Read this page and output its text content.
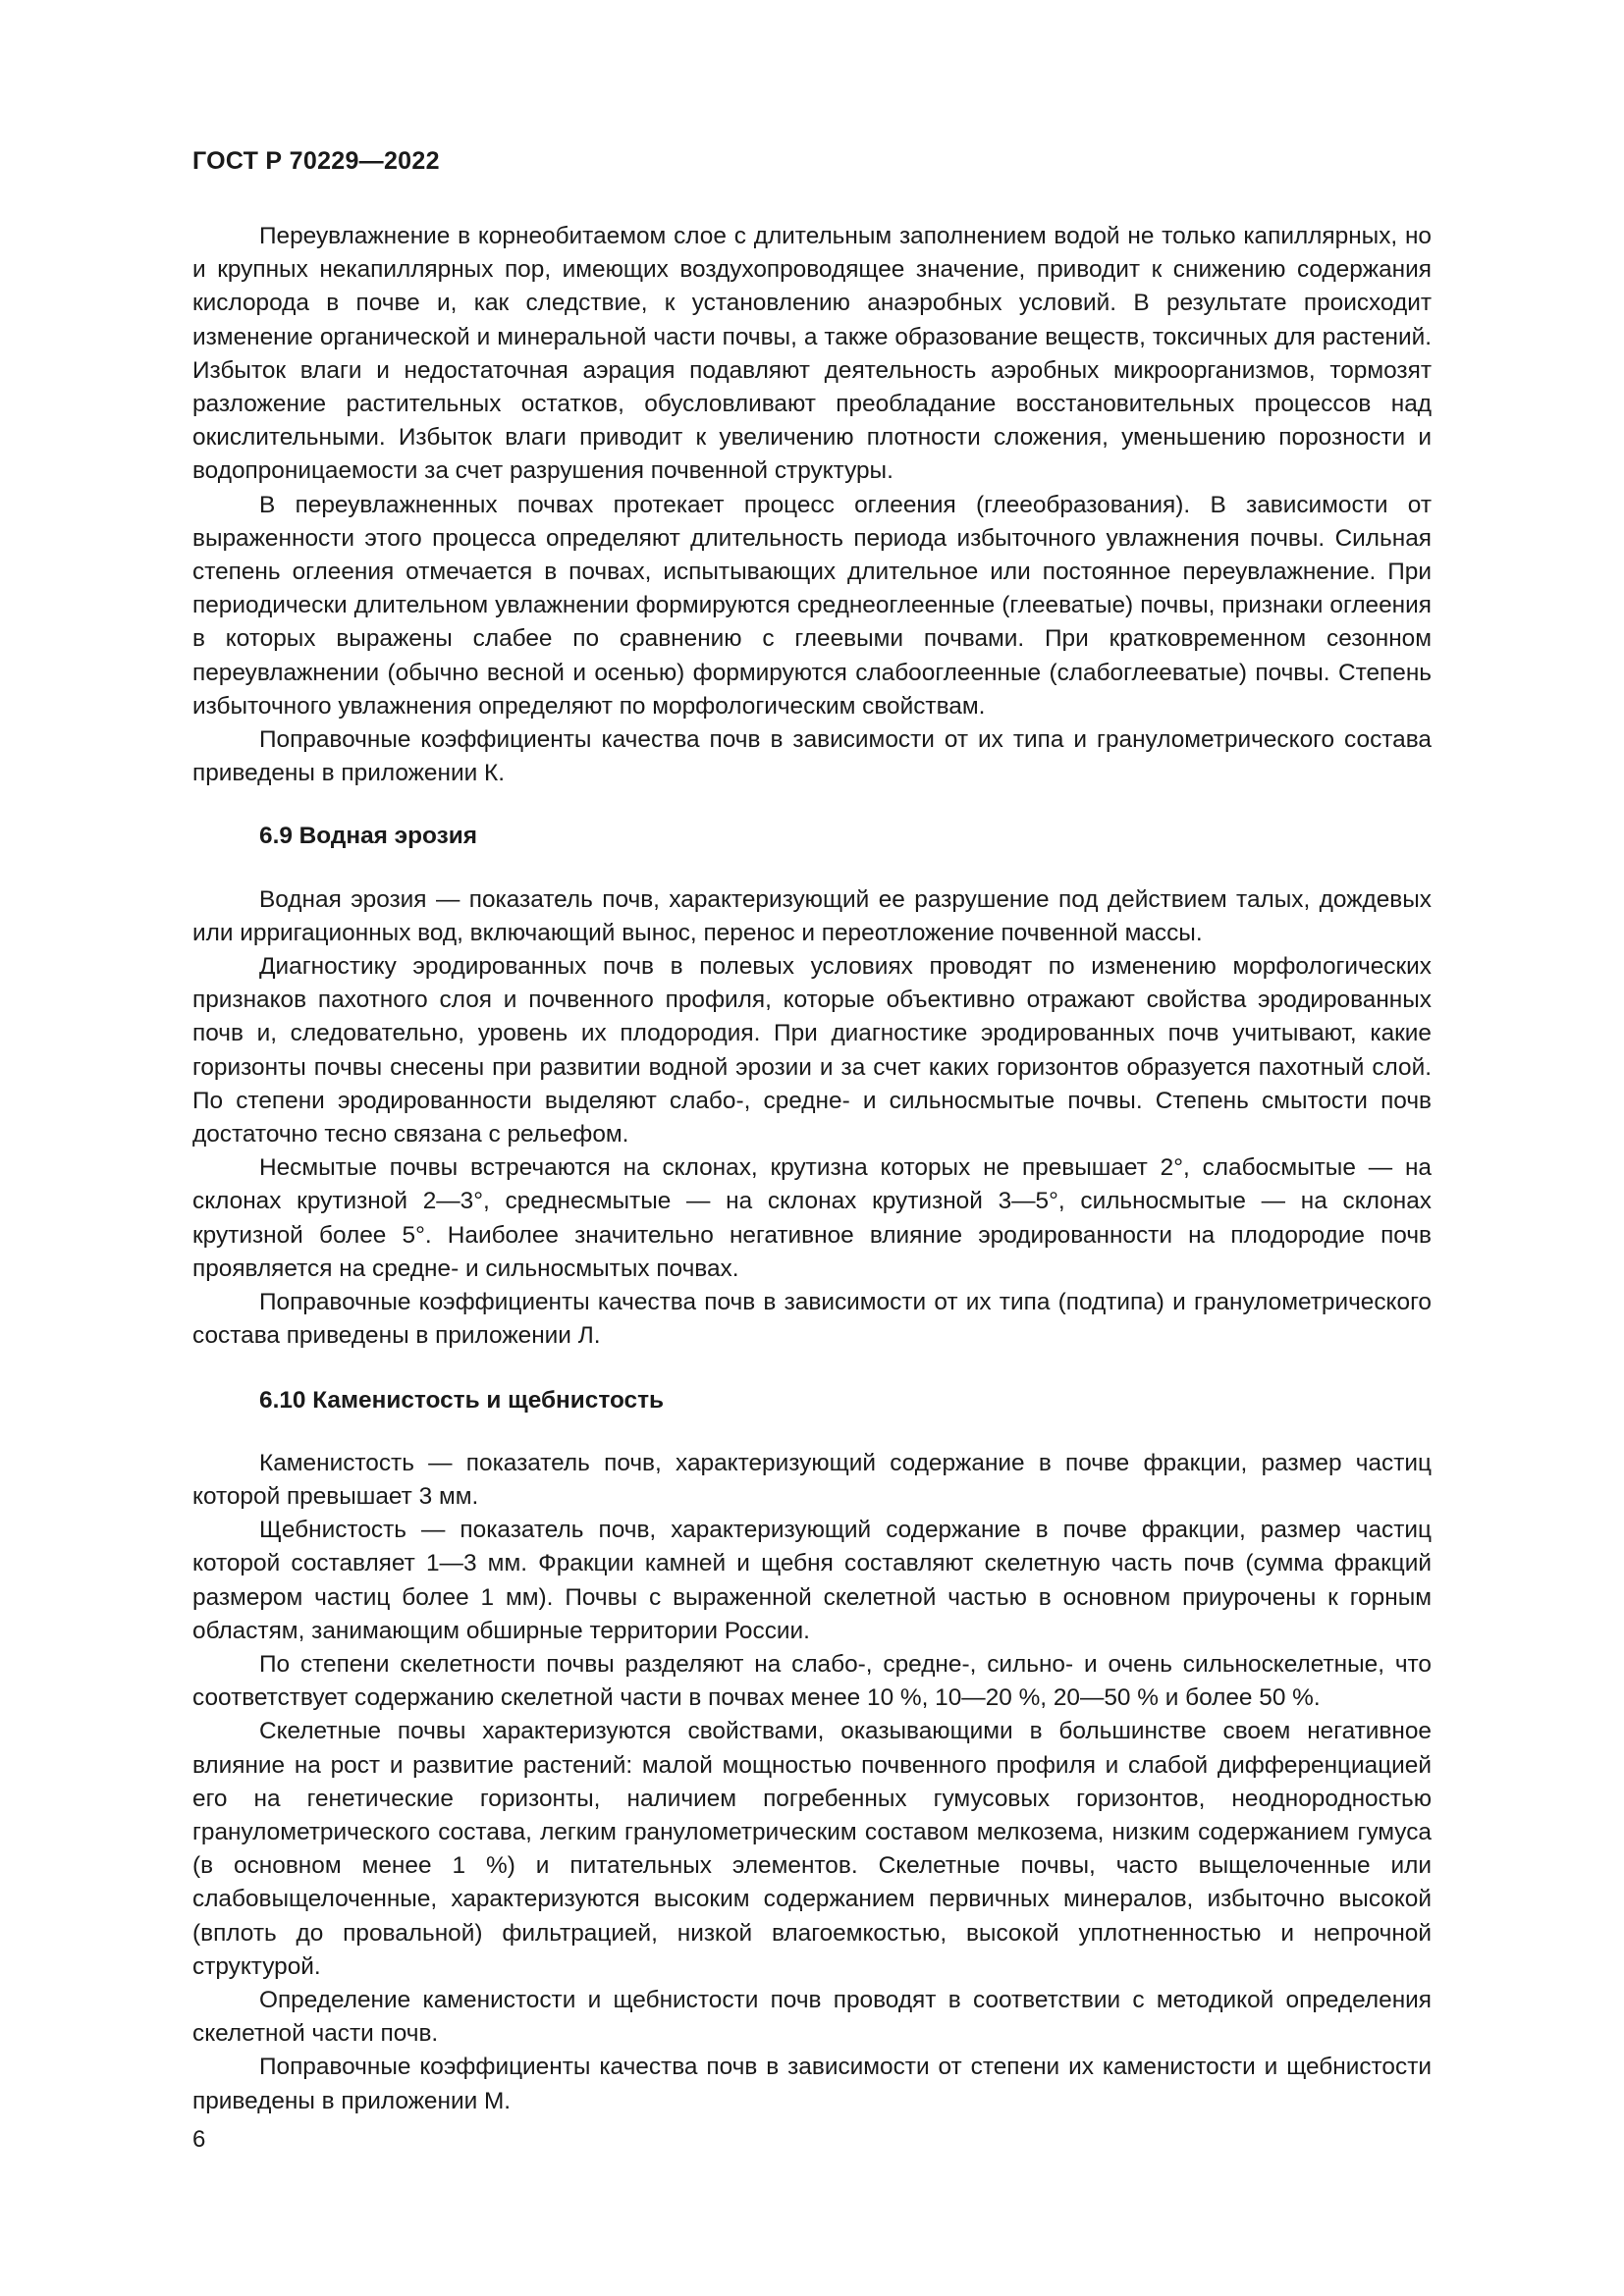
ГОСТ Р 70229—2022

Переувлажнение в корнеобитаемом слое с длительным заполнением водой не только капиллярных, но и крупных некапиллярных пор, имеющих воздухопроводящее значение, приводит к снижению содержания кислорода в почве и, как следствие, к установлению анаэробных условий. В результате происходит изменение органической и минеральной части почвы, а также образование веществ, токсичных для растений. Избыток влаги и недостаточная аэрация подавляют деятельность аэробных микроорганизмов, тормозят разложение растительных остатков, обусловливают преобладание восстановительных процессов над окислительными. Избыток влаги приводит к увеличению плотности сложения, уменьшению порозности и водопроницаемости за счет разрушения почвенной структуры.

В переувлажненных почвах протекает процесс оглеения (глееобразования). В зависимости от выраженности этого процесса определяют длительность периода избыточного увлажнения почвы. Сильная степень оглеения отмечается в почвах, испытывающих длительное или постоянное переувлажнение. При периодически длительном увлажнении формируются среднеоглеенные (глееватые) почвы, признаки оглеения в которых выражены слабее по сравнению с глеевыми почвами. При кратковременном сезонном переувлажнении (обычно весной и осенью) формируются слабооглеенные (слабоглееватые) почвы. Степень избыточного увлажнения определяют по морфологическим свойствам.

Поправочные коэффициенты качества почв в зависимости от их типа и гранулометрического состава приведены в приложении К.

6.9 Водная эрозия

Водная эрозия — показатель почв, характеризующий ее разрушение под действием талых, дождевых или ирригационных вод, включающий вынос, перенос и переотложение почвенной массы.

Диагностику эродированных почв в полевых условиях проводят по изменению морфологических признаков пахотного слоя и почвенного профиля, которые объективно отражают свойства эродированных почв и, следовательно, уровень их плодородия. При диагностике эродированных почв учитывают, какие горизонты почвы снесены при развитии водной эрозии и за счет каких горизонтов образуется пахотный слой. По степени эродированности выделяют слабо-, средне- и сильносмытые почвы. Степень смытости почв достаточно тесно связана с рельефом.

Несмытые почвы встречаются на склонах, крутизна которых не превышает 2°, слабосмытые — на склонах крутизной 2—3°, среднесмытые — на склонах крутизной 3—5°, сильносмытые — на склонах крутизной более 5°. Наиболее значительно негативное влияние эродированности на плодородие почв проявляется на средне- и сильносмытых почвах.

Поправочные коэффициенты качества почв в зависимости от их типа (подтипа) и гранулометрического состава приведены в приложении Л.

6.10 Каменистость и щебнистость

Каменистость — показатель почв, характеризующий содержание в почве фракции, размер частиц которой превышает 3 мм.

Щебнистость — показатель почв, характеризующий содержание в почве фракции, размер частиц которой составляет 1—3 мм. Фракции камней и щебня составляют скелетную часть почв (сумма фракций размером частиц более 1 мм). Почвы с выраженной скелетной частью в основном приурочены к горным областям, занимающим обширные территории России.

По степени скелетности почвы разделяют на слабо-, средне-, сильно- и очень сильноскелетные, что соответствует содержанию скелетной части в почвах менее 10 %, 10—20 %, 20—50 % и более 50 %.

Скелетные почвы характеризуются свойствами, оказывающими в большинстве своем негативное влияние на рост и развитие растений: малой мощностью почвенного профиля и слабой дифференциацией его на генетические горизонты, наличием погребенных гумусовых горизонтов, неоднородностью гранулометрического состава, легким гранулометрическим составом мелкозема, низким содержанием гумуса (в основном менее 1 %) и питательных элементов. Скелетные почвы, часто выщелоченные или слабовыщелоченные, характеризуются высоким содержанием первичных минералов, избыточно высокой (вплоть до провальной) фильтрацией, низкой влагоемкостью, высокой уплотненностью и непрочной структурой.

Определение каменистости и щебнистости почв проводят в соответствии с методикой определения скелетной части почв.

Поправочные коэффициенты качества почв в зависимости от степени их каменистости и щебнистости приведены в приложении М.

6
